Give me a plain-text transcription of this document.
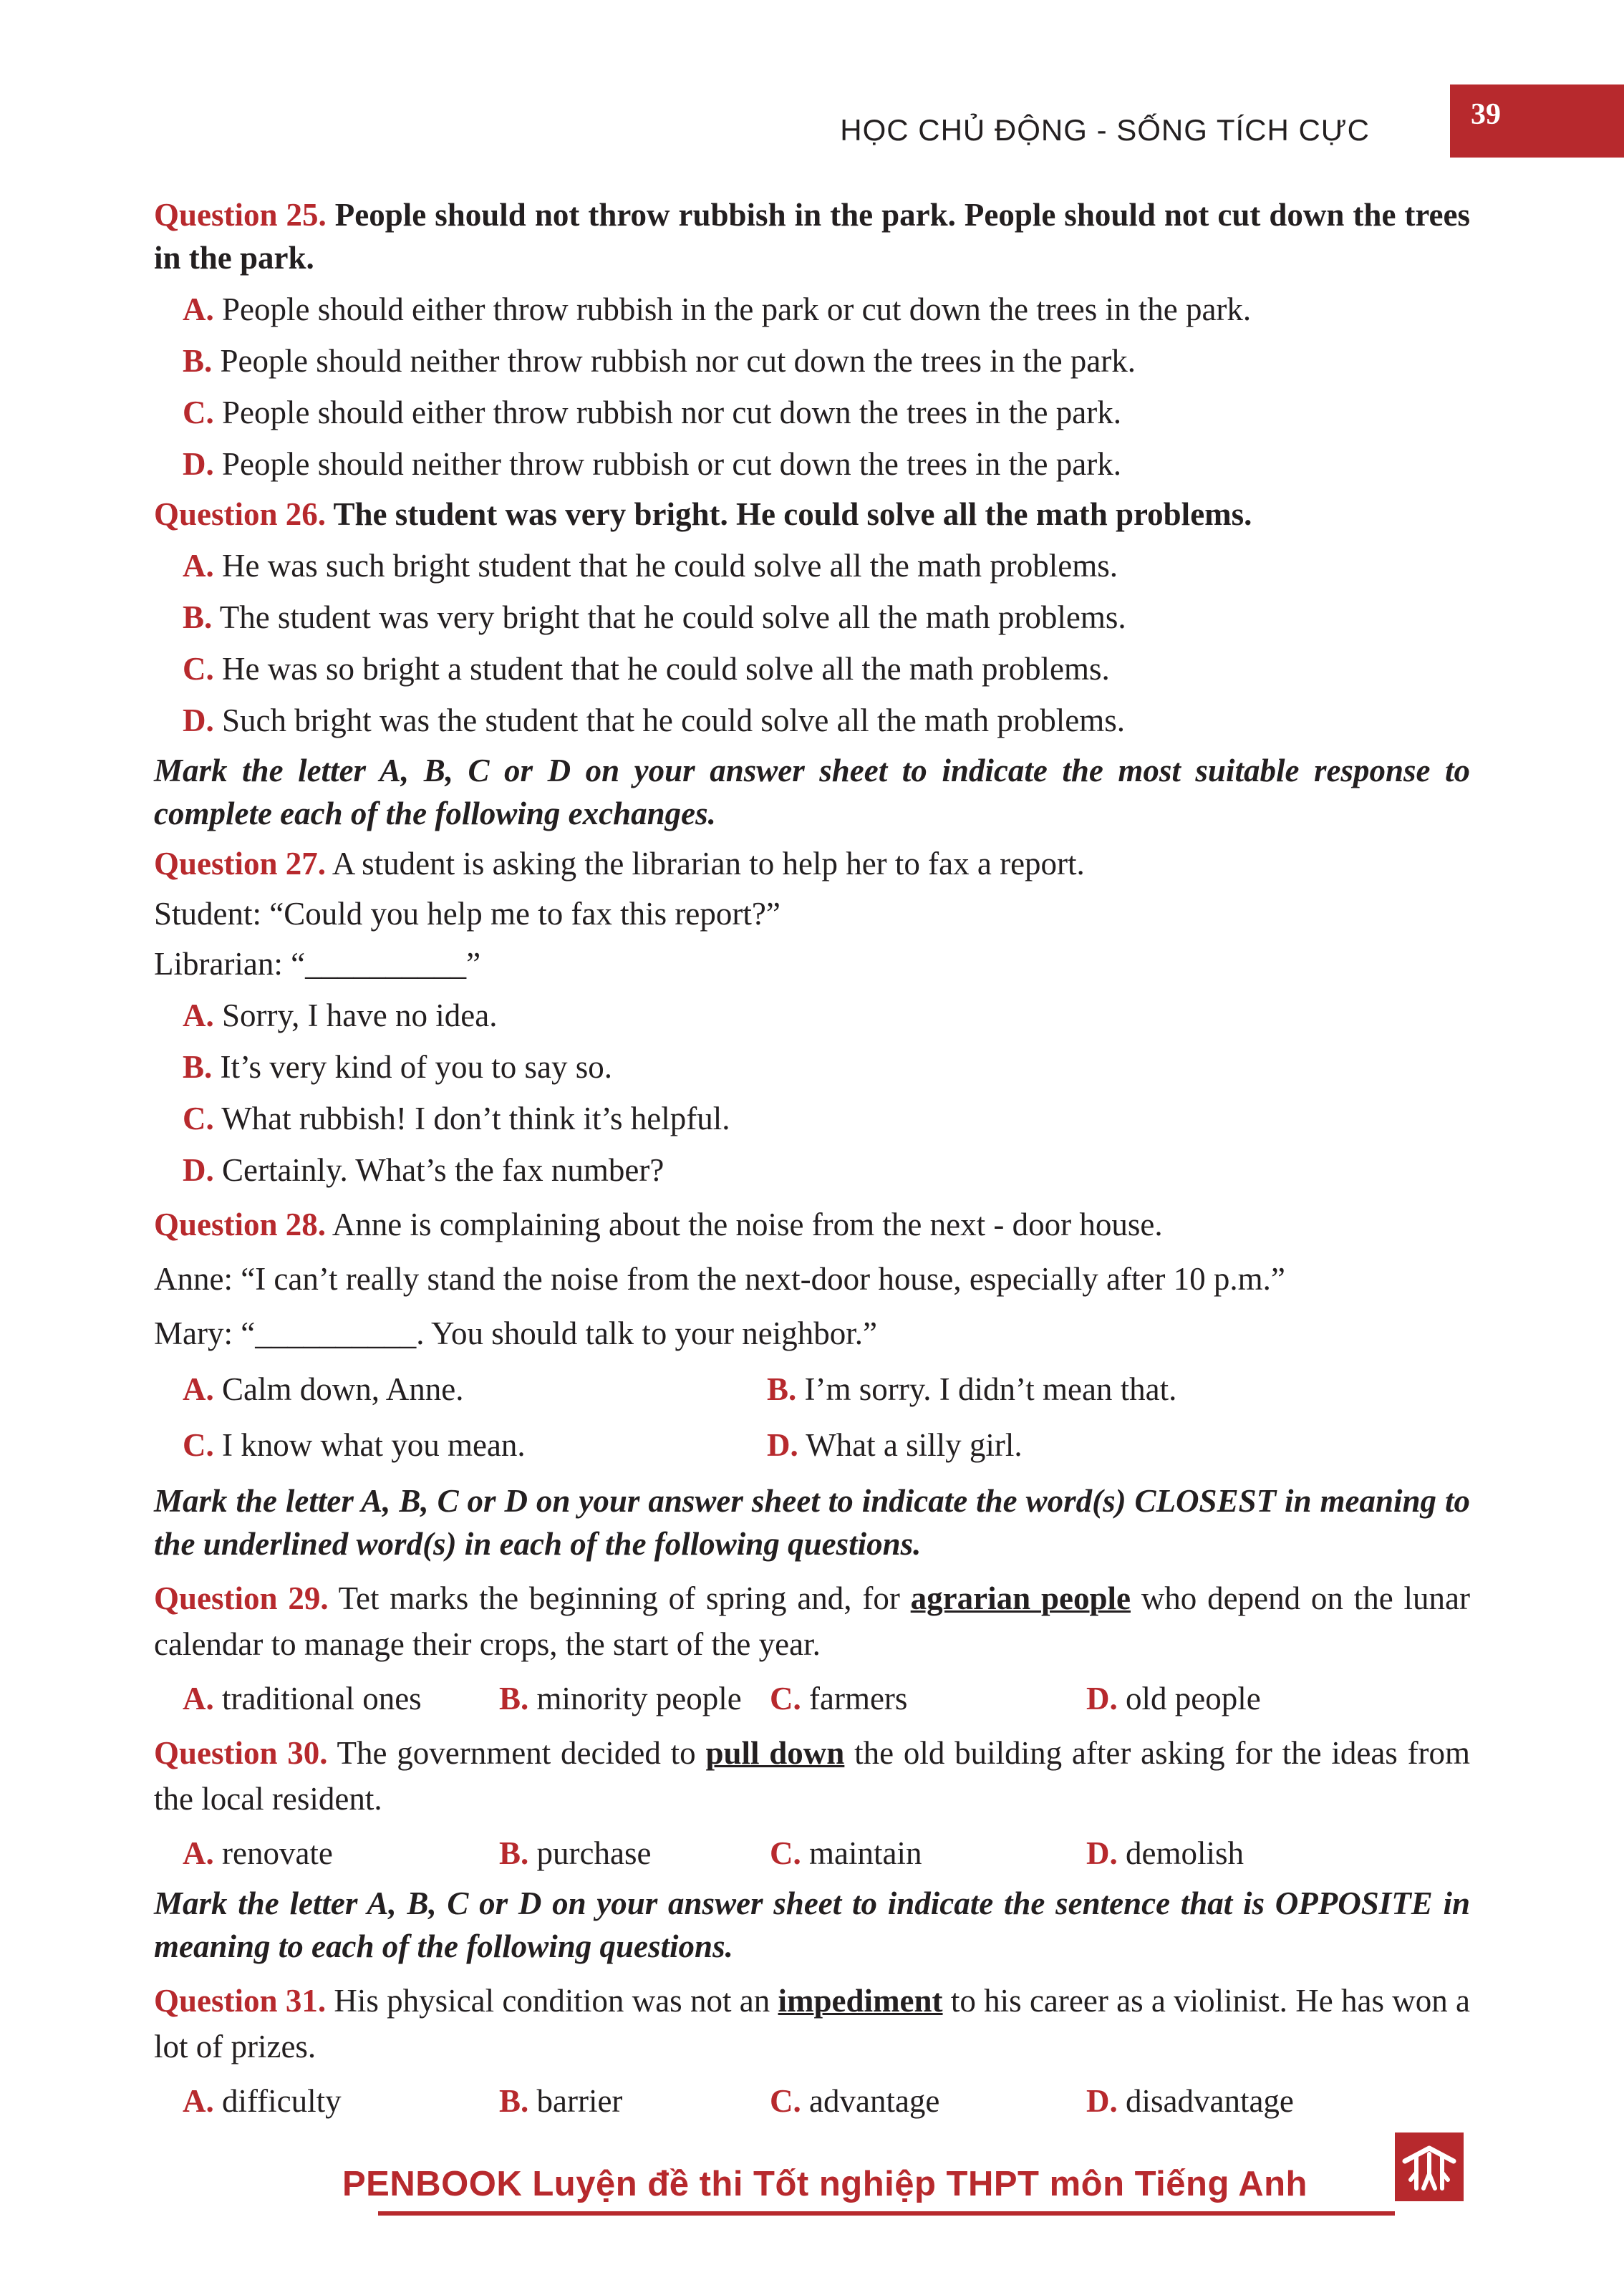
HỌC CHỦ ĐỘNG - SỐNG TÍCH CỰC	39
Question 25. People should not throw rubbish in the park. People should not cut down the trees in the park.
A. People should either throw rubbish in the park or cut down the trees in the park.
B. People should neither throw rubbish nor cut down the trees in the park.
C. People should either throw rubbish nor cut down the trees in the park.
D. People should neither throw rubbish or cut down the trees in the park.
Question 26. The student was very bright. He could solve all the math problems.
A. He was such bright student that he could solve all the math problems.
B. The student was very bright that he could solve all the math problems.
C. He was so bright a student that he could solve all the math problems.
D. Such bright was the student that he could solve all the math problems.
Mark the letter A, B, C or D on your answer sheet to indicate the most suitable response to complete each of the following exchanges.
Question 27. A student is asking the librarian to help her to fax a report.
Student: “Could you help me to fax this report?”
Librarian: “__________”
A. Sorry, I have no idea.
B. It’s very kind of you to say so.
C. What rubbish! I don’t think it’s helpful.
D. Certainly. What’s the fax number?
Question 28. Anne is complaining about the noise from the next - door house.
Anne: “I can’t really stand the noise from the next-door house, especially after 10 p.m.”
Mary: “__________. You should talk to your neighbor.”
A. Calm down, Anne.	B. I’m sorry. I didn’t mean that.
C. I know what you mean.	D. What a silly girl.
Mark the letter A, B, C or D on your answer sheet to indicate the word(s) CLOSEST in meaning to the underlined word(s) in each of the following questions.
Question 29. Tet marks the beginning of spring and, for agrarian people who depend on the lunar calendar to manage their crops, the start of the year.
A. traditional ones	B. minority people C. farmers	D. old people
Question 30. The government decided to pull down the old building after asking for the ideas from the local resident.
A. renovate	B. purchase	C. maintain	D. demolish
Mark the letter A, B, C or D on your answer sheet to indicate the sentence that is OPPOSITE in meaning to each of the following questions.
Question 31. His physical condition was not an impediment to his career as a violinist. He has won a lot of prizes.
A. difficulty	B. barrier	C. advantage	D. disadvantage
PENBOOK Luyện đề thi Tốt nghiệp THPT môn Tiếng Anh
